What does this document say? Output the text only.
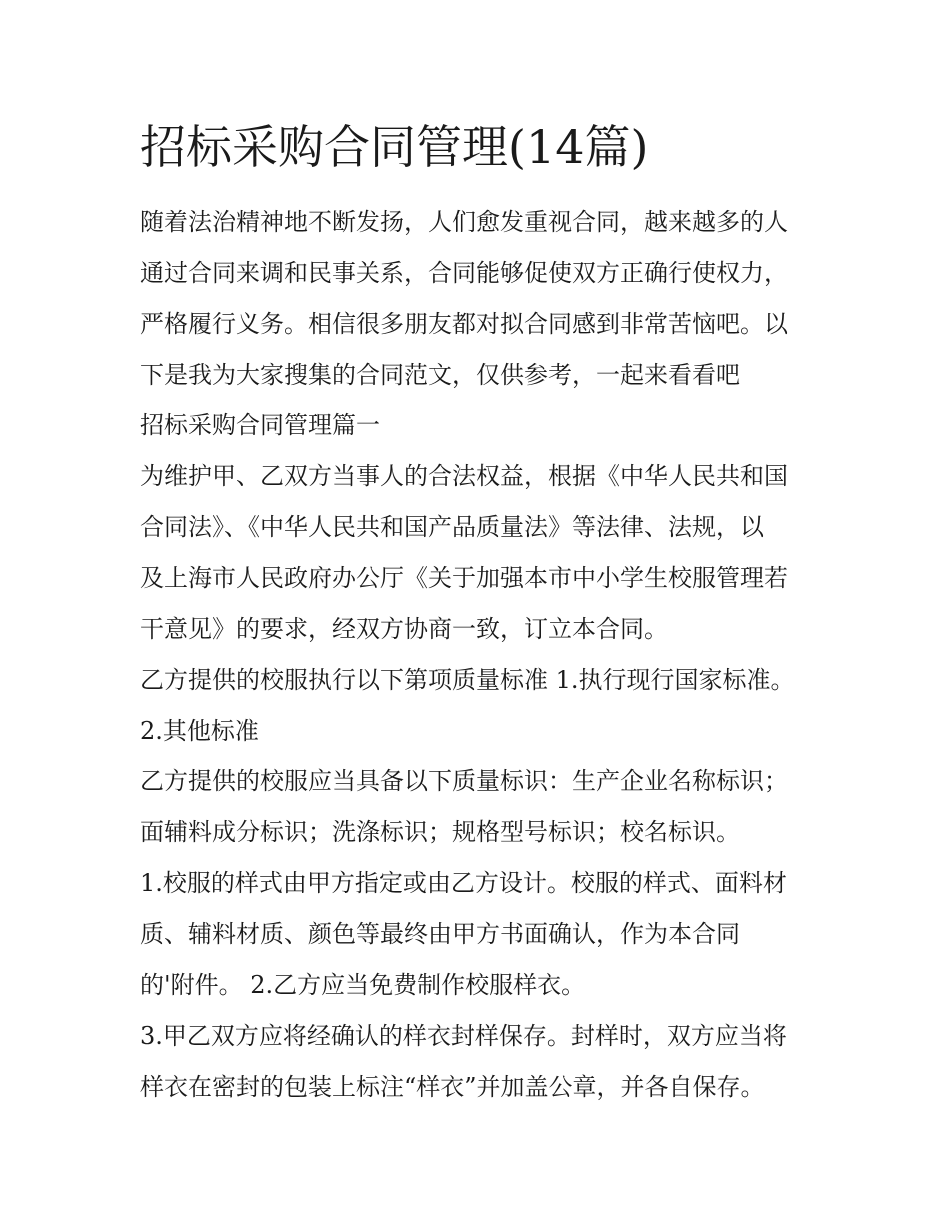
招标采购合同管理(14篇)

随着法治精神地不断发扬，人们愈发重视合同，越来越多的人

通过合同来调和民事关系，合同能够促使双方正确行使权力，

严格履行义务。相信很多朋友都对拟合同感到非常苦恼吧。以

下是我为大家搜集的合同范文，仅供参考，一起来看看吧

招标采购合同管理篇一

为维护甲、乙双方当事人的合法权益，根据《中华人民共和国

合同法》、《中华人民共和国产品质量法》等法律、法规，以

及上海市人民政府办公厅《关于加强本市中小学生校服管理若

干意见》的要求，经双方协商一致，订立本合同。

乙方提供的校服执行以下第项质量标准 1.执行现行国家标准。

2.其他标准

乙方提供的校服应当具备以下质量标识：生产企业名称标识；

面辅料成分标识；洗涤标识；规格型号标识；校名标识。

1.校服的样式由甲方指定或由乙方设计。校服的样式、面料材

质、辅料材质、颜色等最终由甲方书面确认，作为本合同

的'附件。 2.乙方应当免费制作校服样衣。

3.甲乙双方应将经确认的样衣封样保存。封样时，双方应当将

样衣在密封的包装上标注“样衣”并加盖公章，并各自保存。
